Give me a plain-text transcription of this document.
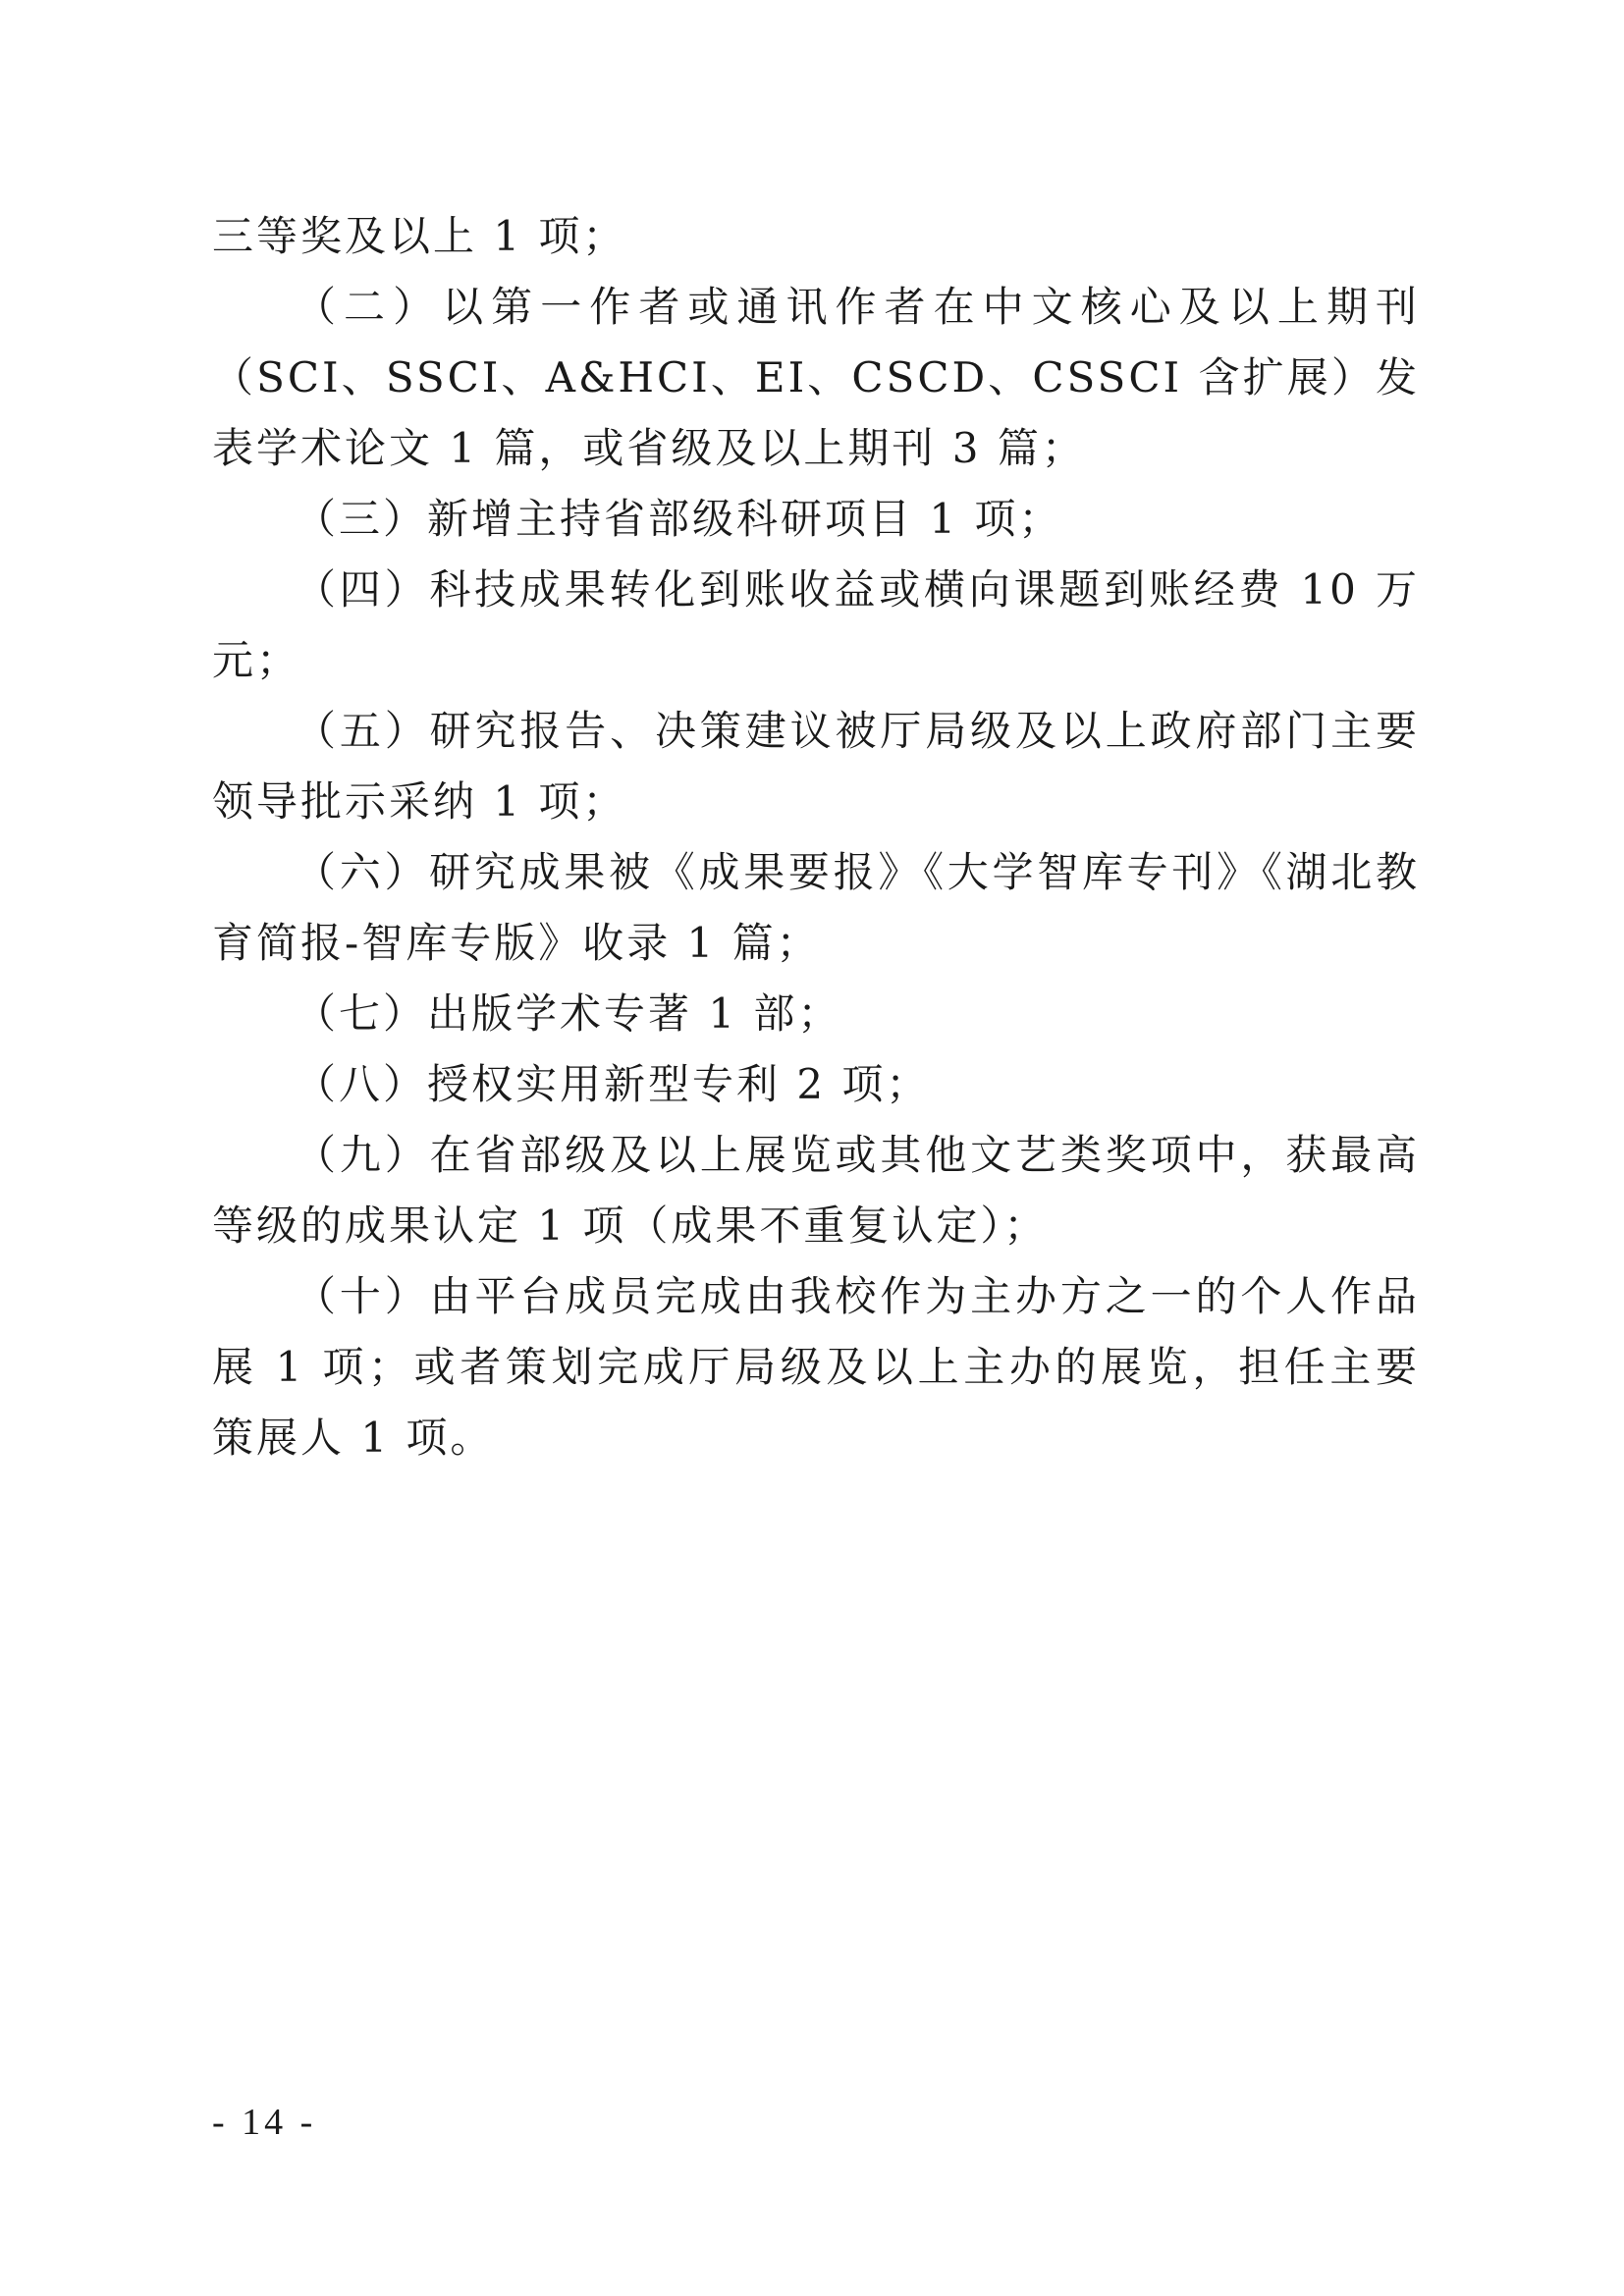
三等奖及以上 1 项；

（二）以第一作者或通讯作者在中文核心及以上期刊（SCI、SSCI、A&HCI、EI、CSCD、CSSCI 含扩展）发表学术论文 1 篇，或省级及以上期刊 3 篇；

（三）新增主持省部级科研项目 1 项；

（四）科技成果转化到账收益或横向课题到账经费 10 万元；

（五）研究报告、决策建议被厅局级及以上政府部门主要领导批示采纳 1 项；

（六）研究成果被《成果要报》《大学智库专刊》《湖北教育简报-智库专版》收录 1 篇；

（七）出版学术专著 1 部；

（八）授权实用新型专利 2 项；

（九）在省部级及以上展览或其他文艺类奖项中，获最高等级的成果认定 1 项（成果不重复认定）；

（十）由平台成员完成由我校作为主办方之一的个人作品展 1 项；或者策划完成厅局级及以上主办的展览，担任主要策展人 1 项。

- 14 -
